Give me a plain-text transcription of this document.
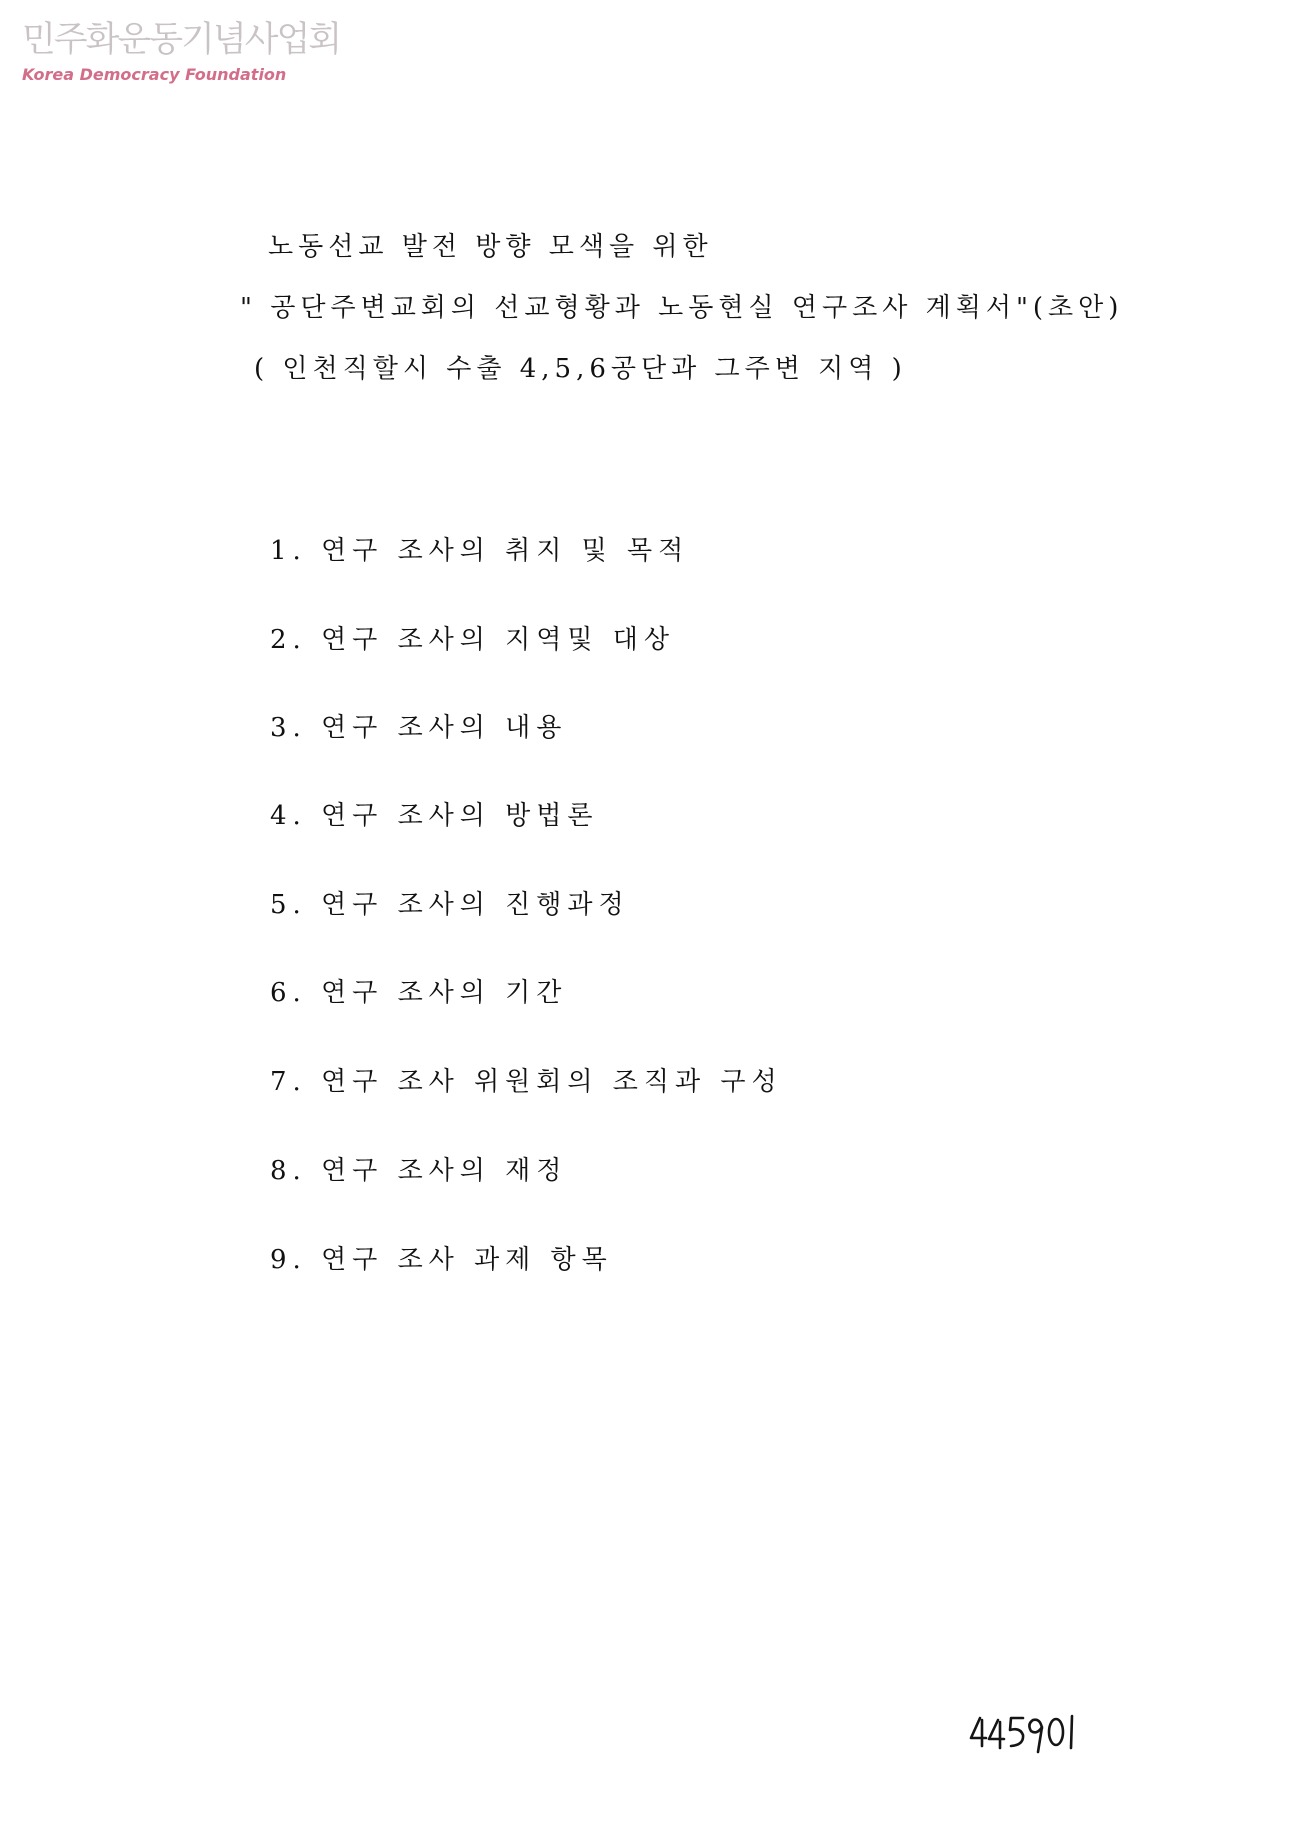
민주화운동기념사업회
Korea Democracy Foundation
노동선교 발전 방향 모색을 위한
" 공단주변교회의 선교형황과 노동현실 연구조사 계획서"(초안)
( 인천직할시 수출 4,5,6공단과 그주변 지역 )
1. 연구 조사의 취지 및 목적
2. 연구 조사의 지역및 대상
3. 연구 조사의 내용
4. 연구 조사의 방법론
5. 연구 조사의 진행과정
6. 연구 조사의 기간
7. 연구 조사 위원회의 조직과 구성
8. 연구 조사의 재정
9. 연구 조사 과제 항목
